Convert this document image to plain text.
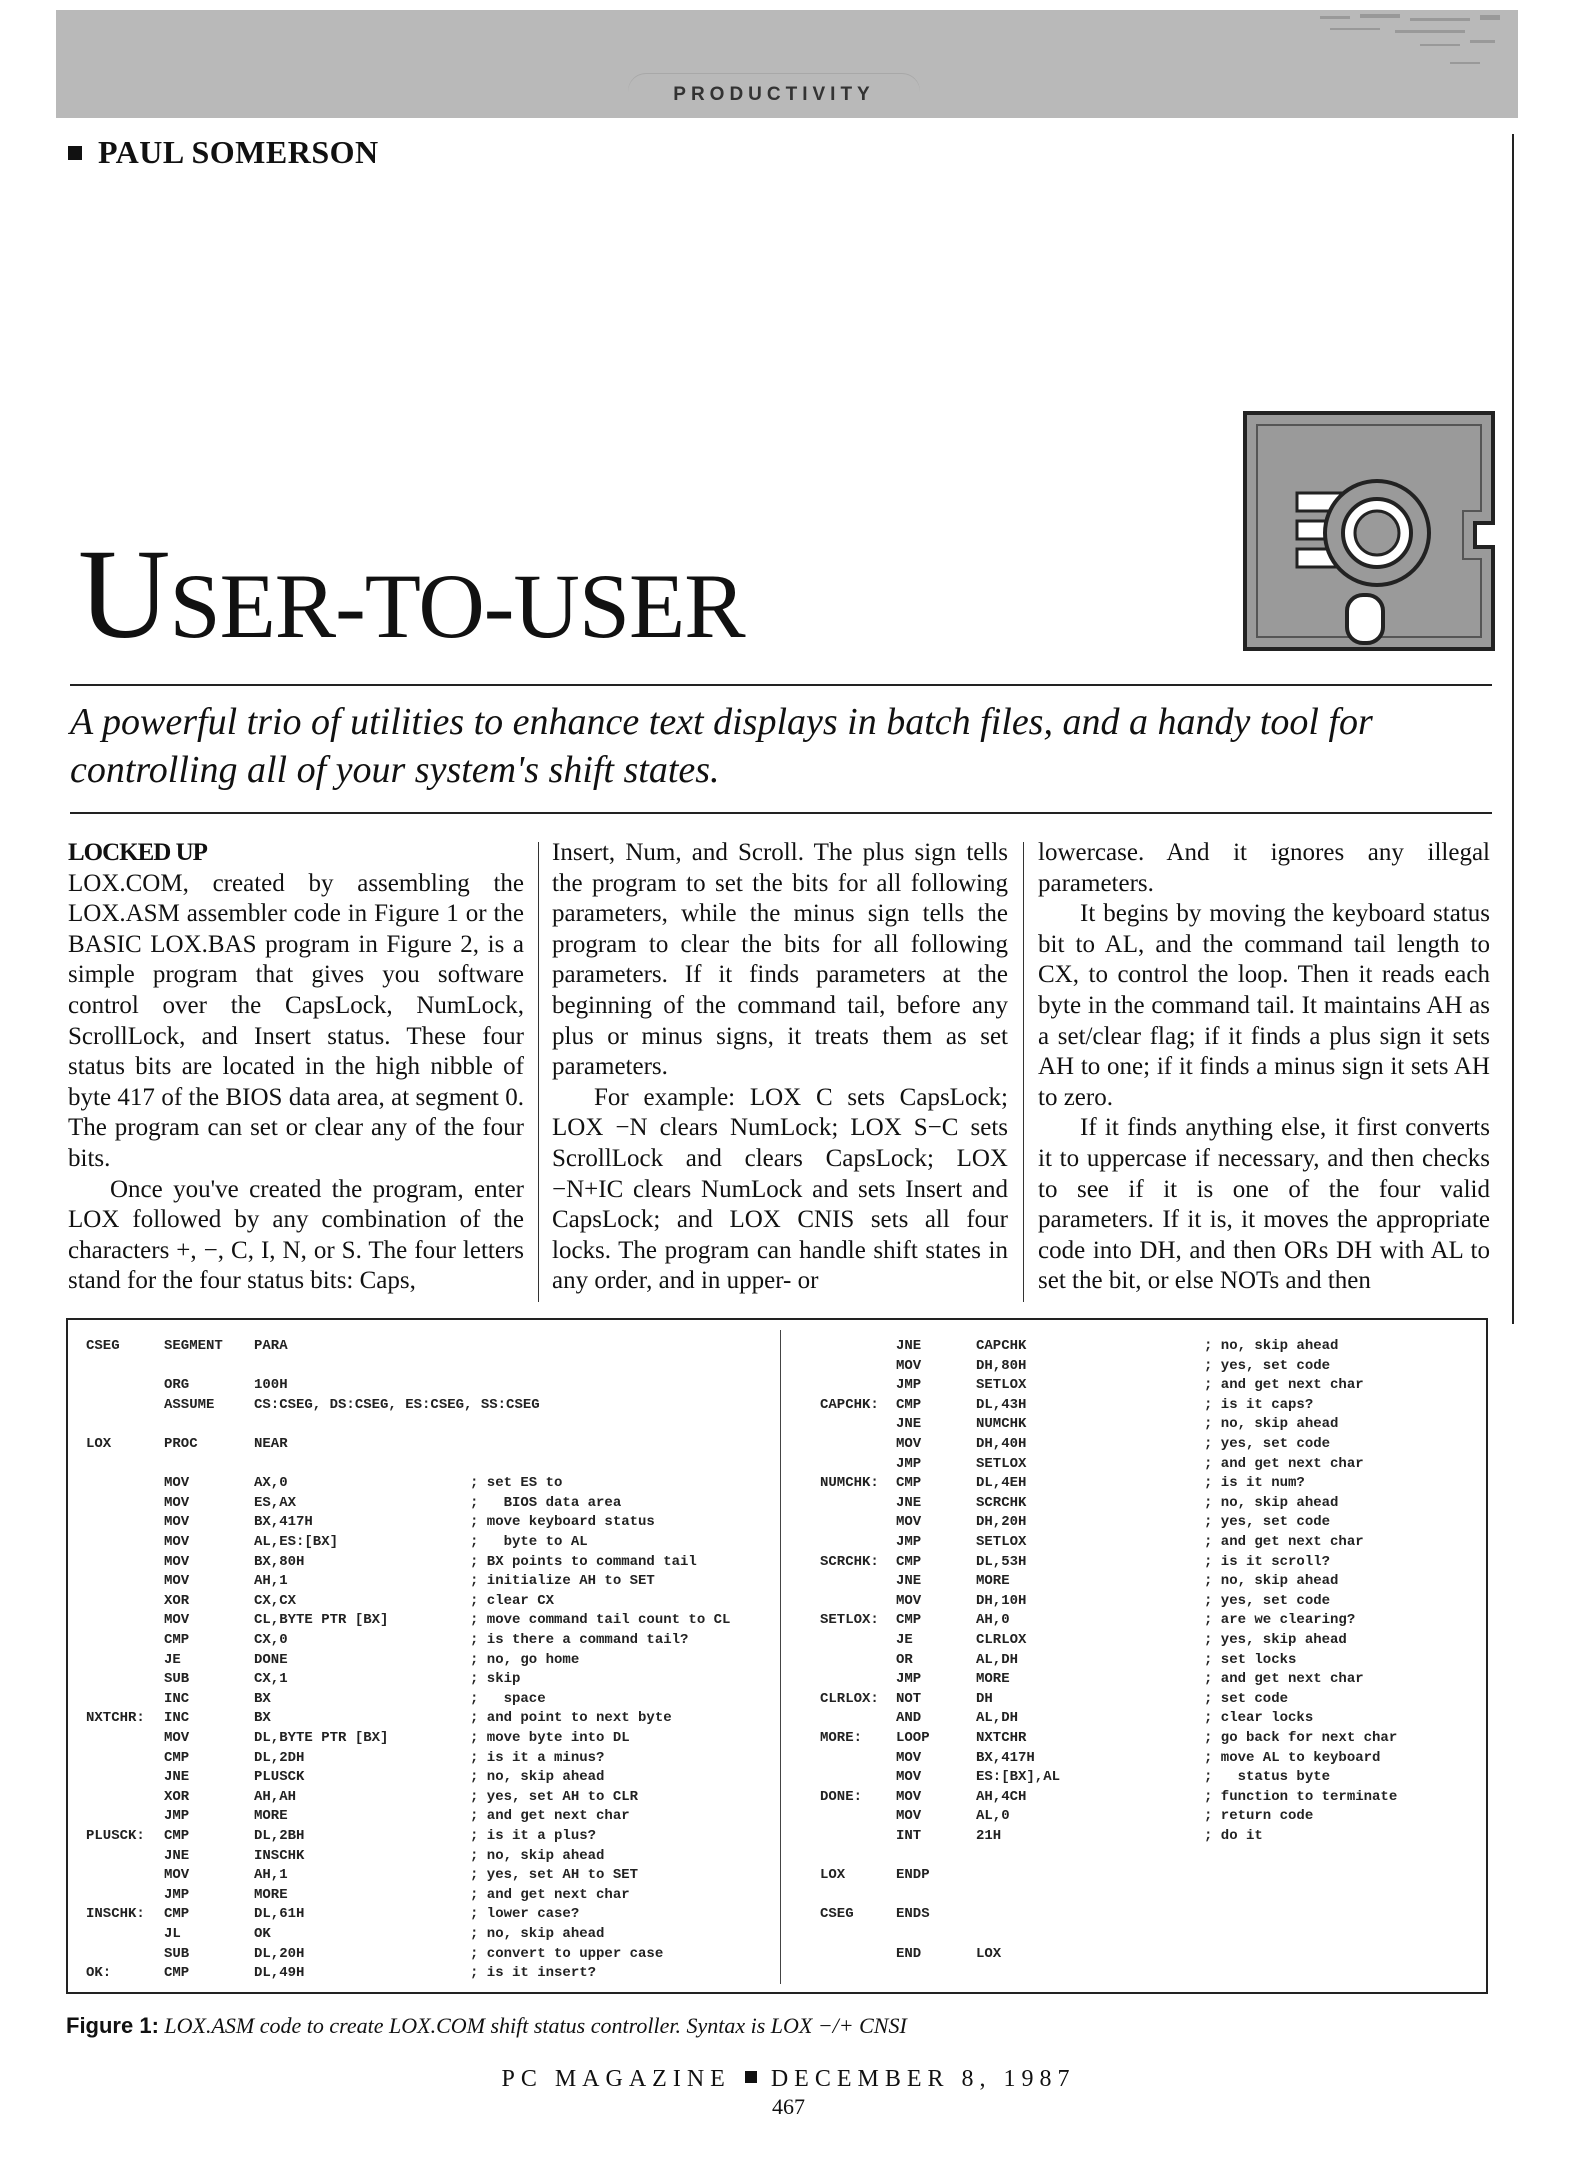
PRODUCTIVITY
PAUL SOMERSON
USER-TO-USER
A powerful trio of utilities to enhance text displays in batch files, and a handy tool for controlling all of your system's shift states.
LOCKED UP

LOX.COM, created by assembling the LOX.ASM assembler code in Figure 1 or the BASIC LOX.BAS program in Figure 2, is a simple program that gives you software control over the CapsLock, NumLock, ScrollLock, and Insert status. These four status bits are located in the high nibble of byte 417 of the BIOS data area, at segment 0. The program can set or clear any of the four bits.

Once you've created the program, enter LOX followed by any combination of the characters +, −, C, I, N, or S. The four letters stand for the four status bits: Caps,

Insert, Num, and Scroll. The plus sign tells the program to set the bits for all following parameters, while the minus sign tells the program to clear the bits for all following parameters. If it finds parameters at the beginning of the command tail, before any plus or minus signs, it treats them as set parameters.

For example: LOX C sets CapsLock; LOX −N clears NumLock; LOX S−C sets ScrollLock and clears CapsLock; LOX −N+IC clears NumLock and sets Insert and CapsLock; and LOX CNIS sets all four locks. The program can handle shift states in any order, and in upper- or

lowercase. And it ignores any illegal parameters.

It begins by moving the keyboard status bit to AL, and the command tail length to CX, to control the loop. Then it reads each byte in the command tail. It maintains AH as a set/clear flag; if it finds a plus sign it sets AH to one; if it finds a minus sign it sets AH to zero.

If it finds anything else, it first converts it to uppercase if necessary, and then checks to see if it is one of the four valid parameters. If it is, it moves the appropriate code into DH, and then ORs DH with AL to set the bit, or else NOTs and then

CSEG	SEGMENT PARA
ORG	100H
ASSUME	CS:CSEG, DS:CSEG, ES:CSEG, SS:CSEG
LOX	PROC	NEAR
MOV	AX,0	; set ES to
MOV	ES,AX	;   BIOS data area
MOV	BX,417H	; move keyboard status
MOV	AL,ES:[BX]	;   byte to AL
MOV	BX,80H	; BX points to command tail
MOV	AH,1	; initialize AH to SET
XOR	CX,CX	; clear CX
MOV	CL,BYTE PTR [BX]	; move command tail count to CL
CMP	CX,0	; is there a command tail?
JE	DONE	; no, go home
SUB	CX,1	; skip
INC	BX	;   space
NXTCHR: INC	BX	; and point to next byte
MOV	DL,BYTE PTR [BX]	; move byte into DL
CMP	DL,2DH	; is it a minus?
JNE	PLUSCK	; no, skip ahead
XOR	AH,AH	; yes, set AH to CLR
JMP	MORE	; and get next char
PLUSCK: CMP	DL,2BH	; is it a plus?
JNE	INSCHK	; no, skip ahead
MOV	AH,1	; yes, set AH to SET
JMP	MORE	; and get next char
INSCHK: CMP	DL,61H	; lower case?
JL	OK	; no, skip ahead
SUB	DL,20H	; convert to upper case
OK:	CMP	DL,49H	; is it insert?
JNE	CAPCHK	; no, skip ahead
MOV	DH,80H	; yes, set code
JMP	SETLOX	; and get next char
CAPCHK: CMP	DL,43H	; is it caps?
JNE	NUMCHK	; no, skip ahead
MOV	DH,40H	; yes, set code
JMP	SETLOX	; and get next char
NUMCHK: CMP	DL,4EH	; is it num?
JNE	SCRCHK	; no, skip ahead
MOV	DH,20H	; yes, set code
JMP	SETLOX	; and get next char
SCRCHK: CMP	DL,53H	; is it scroll?
JNE	MORE	; no, skip ahead
MOV	DH,10H	; yes, set code
SETLOX: CMP	AH,0	; are we clearing?
JE	CLRLOX	; yes, skip ahead
OR	AL,DH	; set locks
JMP	MORE	; and get next char
CLRLOX: NOT	DH	; set code
AND	AL,DH	; clear locks
MORE: LOOP	NXTCHR	; go back for next char
MOV	BX,417H	; move AL to keyboard
MOV	ES:[BX],AL	;   status byte
DONE: MOV	AH,4CH	; function to terminate
MOV	AL,0	; return code
INT	21H	; do it
LOX	ENDP
CSEG	ENDS
END	LOX
Figure 1: LOX.ASM code to create LOX.COM shift status controller. Syntax is LOX −/+ CNSI
PC MAGAZINE DECEMBER 8, 1987
467
